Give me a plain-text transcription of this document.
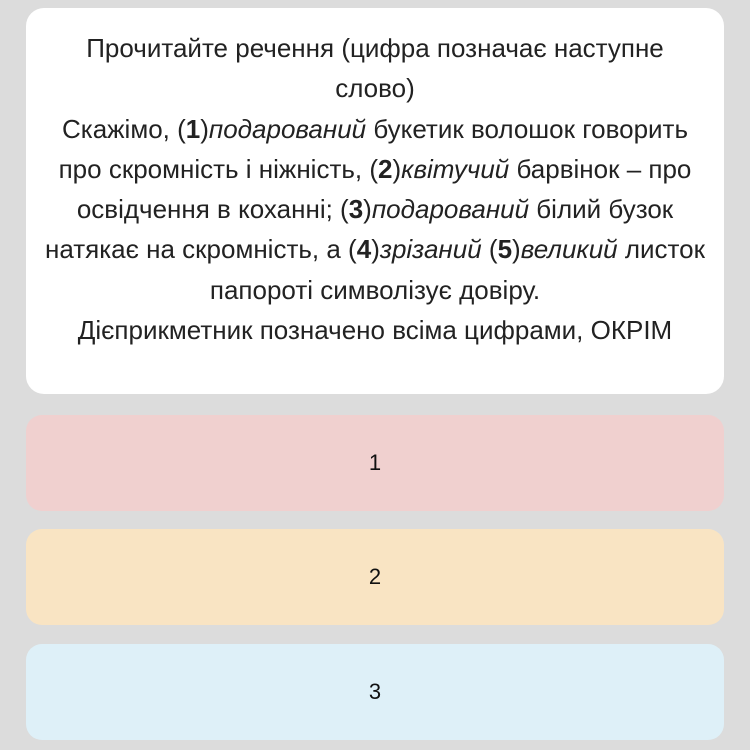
Прочитайте речення (цифра позначає наступне слово)

Скажімо, (1)подарований букетик волошок говорить про скромність і ніжність, (2)квітучий барвінок – про освідчення в коханні; (3)подарований білий бузок натякає на скромність, а (4)зрізаний (5)великий листок папороті символізує довіру.

Дієприкметник позначено всіма цифрами, ОКРІМ

1
2
3
